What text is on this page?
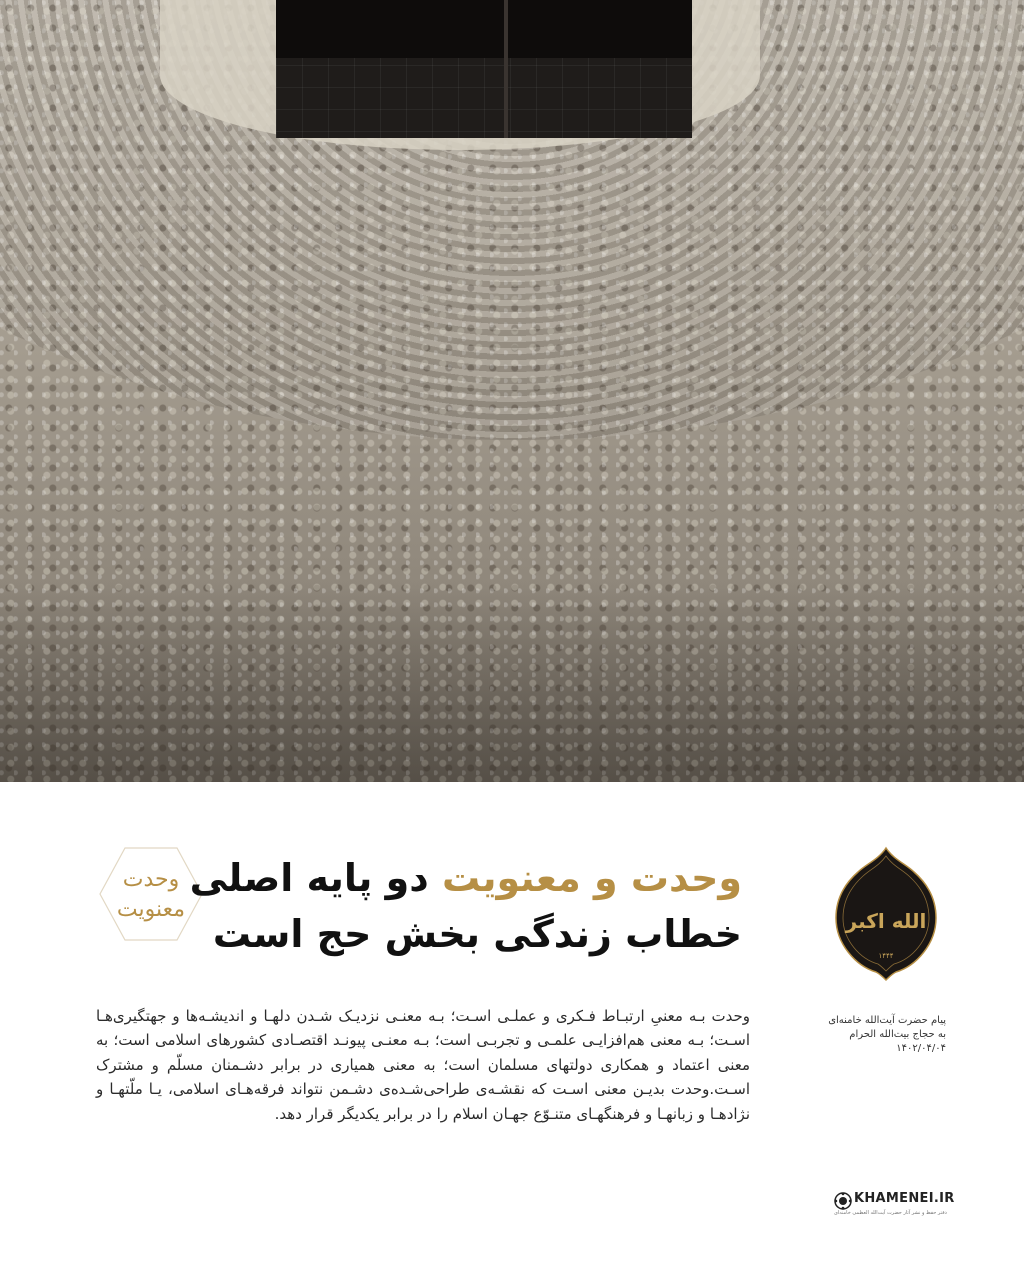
الله اکبر
۱۴۴۴
وحدت
معنویت
وحدت و معنویت دو پایه اصلی
خطاب زندگی بخش حج است
پیام حضرت آیت‌الله خامنه‌ای
به حجاج بیت‌الله الحرام
۱۴۰۲/۰۴/۰۴
وحدت بـه معنیِ ارتبـاط فـکری و عملـی اسـت؛ بـه معنـی نزدیـک شـدن دلهـا و اندیشـه‌ها و جهتگیری‌هـا اسـت؛ بـه معنی هم‌افزایـی علمـی و تجربـی است؛ بـه معنـی پیونـد اقتصـادی کشورهای اسلامی است؛ به معنی اعتماد و همکاری دولتهای مسلمان است؛ به معنی همیاری در برابر دشـمنان مسلّم و مشترک اسـت.وحدت بدیـن معنی اسـت که نقشـه‌ی طراحی‌شـده‌ی دشـمن نتواند فرقه‌هـای اسلامی، یـا ملّتهـا و نژادهـا و زبانهـا و فرهنگهـای متنـوّع جهـان اسلام را در برابر یکدیگر قرار دهد.
KHAMENEI.IR
دفتر حفظ و نشر آثار حضرت آیت‌الله العظمی خامنه‌ای
